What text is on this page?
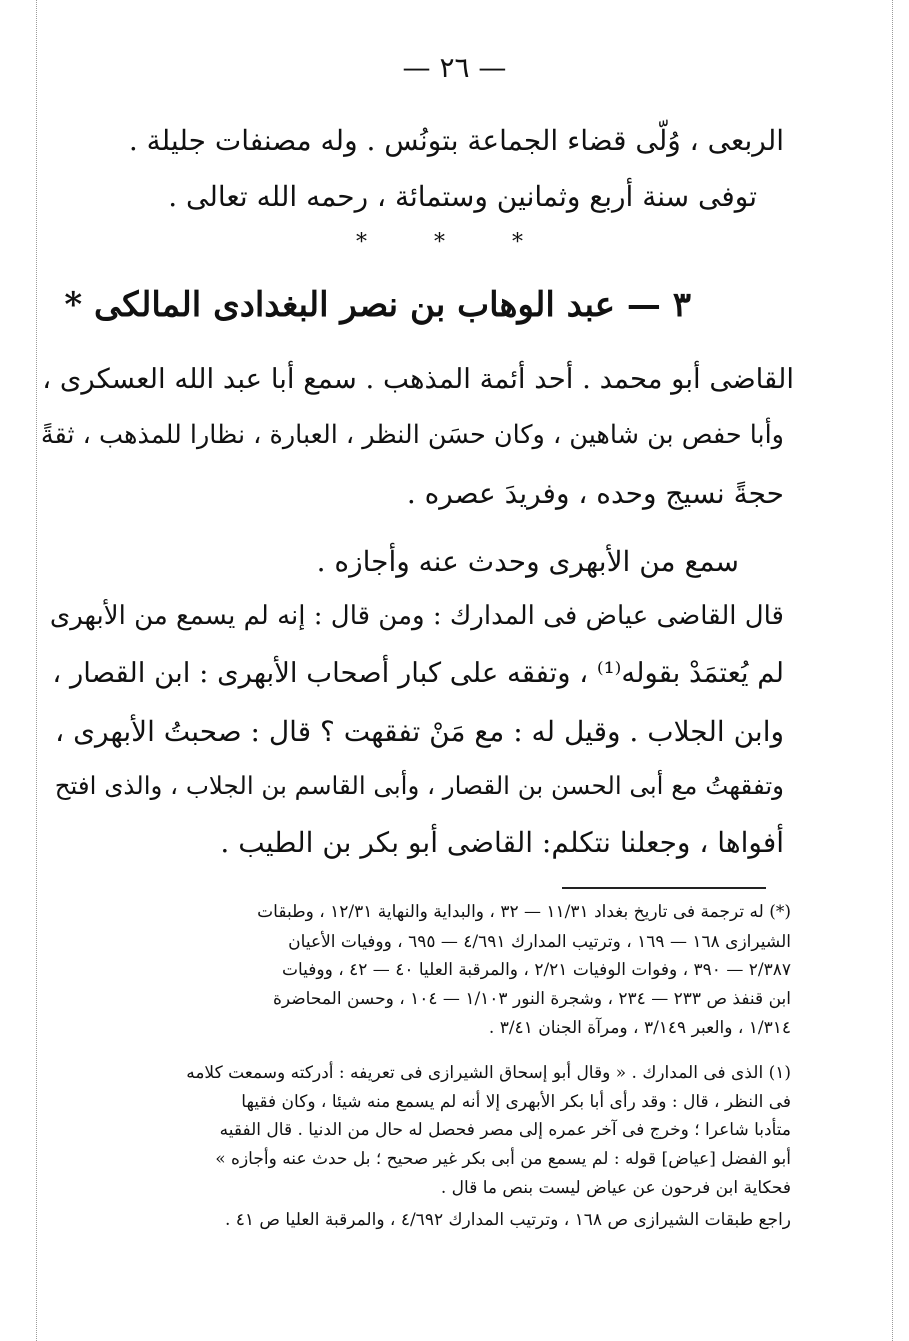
— ٢٦ —
الربعى ، وُلّى قضاء الجماعة بتونُس . وله مصنفات جليلة .
توفى سنة أربع وثمانين وستمائة ، رحمه الله تعالى .
* * *
٣ — عبد الوهاب بن نصر البغدادى المالكى *
القاضى أبو محمد . أحد أئمة المذهب . سمع أبا عبد الله العسكرى ،
وأبا حفص بن شاهين ، وكان حسَن النظر ، العبارة ، نظارا للمذهب ، ثقةً
حجةً نسيج وحده ، وفريدَ عصره .
سمع من الأبهرى وحدث عنه وأجازه .
قال القاضى عياض فى المدارك : ومن قال : إنه لم يسمع من الأبهرى
لم يُعتمَدْ بقوله⁽¹⁾ ، وتفقه على كبار أصحاب الأبهرى : ابن القصار ،
وابن الجلاب . وقيل له : مع مَنْ تفقهت ؟ قال : صحبتُ الأبهرى ،
وتفقهتُ مع أبى الحسن بن القصار ، وأبى القاسم بن الجلاب ، والذى افتح
أفواها ، وجعلنا نتكلم: القاضى أبو بكر بن الطيب .
(*) له ترجمة فى تاريخ بغداد ١١/٣١ — ٣٢ ، والبداية والنهاية ١٢/٣١ ، وطبقات
الشيرازى ١٦٨ — ١٦٩ ، وترتيب المدارك ٤/٦٩١ — ٦٩٥ ، ووفيات الأعيان
٢/٣٨٧ — ٣٩٠ ، وفوات الوفيات ٢/٢١ ، والمرقبة العليا ٤٠ — ٤٢ ، ووفيات
ابن قنفذ ص ٢٣٣ — ٢٣٤ ، وشجرة النور ١/١٠٣ — ١٠٤ ، وحسن المحاضرة
١/٣١٤ ، والعبر ٣/١٤٩ ، ومرآة الجنان ٣/٤١ .
(١) الذى فى المدارك . « وقال أبو إسحاق الشيرازى فى تعريفه : أدركته وسمعت كلامه
فى النظر ، قال : وقد رأى أبا بكر الأبهرى إلا أنه لم يسمع منه شيئا ، وكان فقيها
متأدبا شاعرا ؛ وخرج فى آخر عمره إلى مصر فحصل له حال من الدنيا . قال الفقيه
أبو الفضل [عياض] قوله : لم يسمع من أبى بكر غير صحيح ؛ بل حدث عنه وأجازه »
فحكاية ابن فرحون عن عياض ليست بنص ما قال .
راجع طبقات الشيرازى ص ١٦٨ ، وترتيب المدارك ٤/٦٩٢ ، والمرقبة العليا ص ٤١ .
